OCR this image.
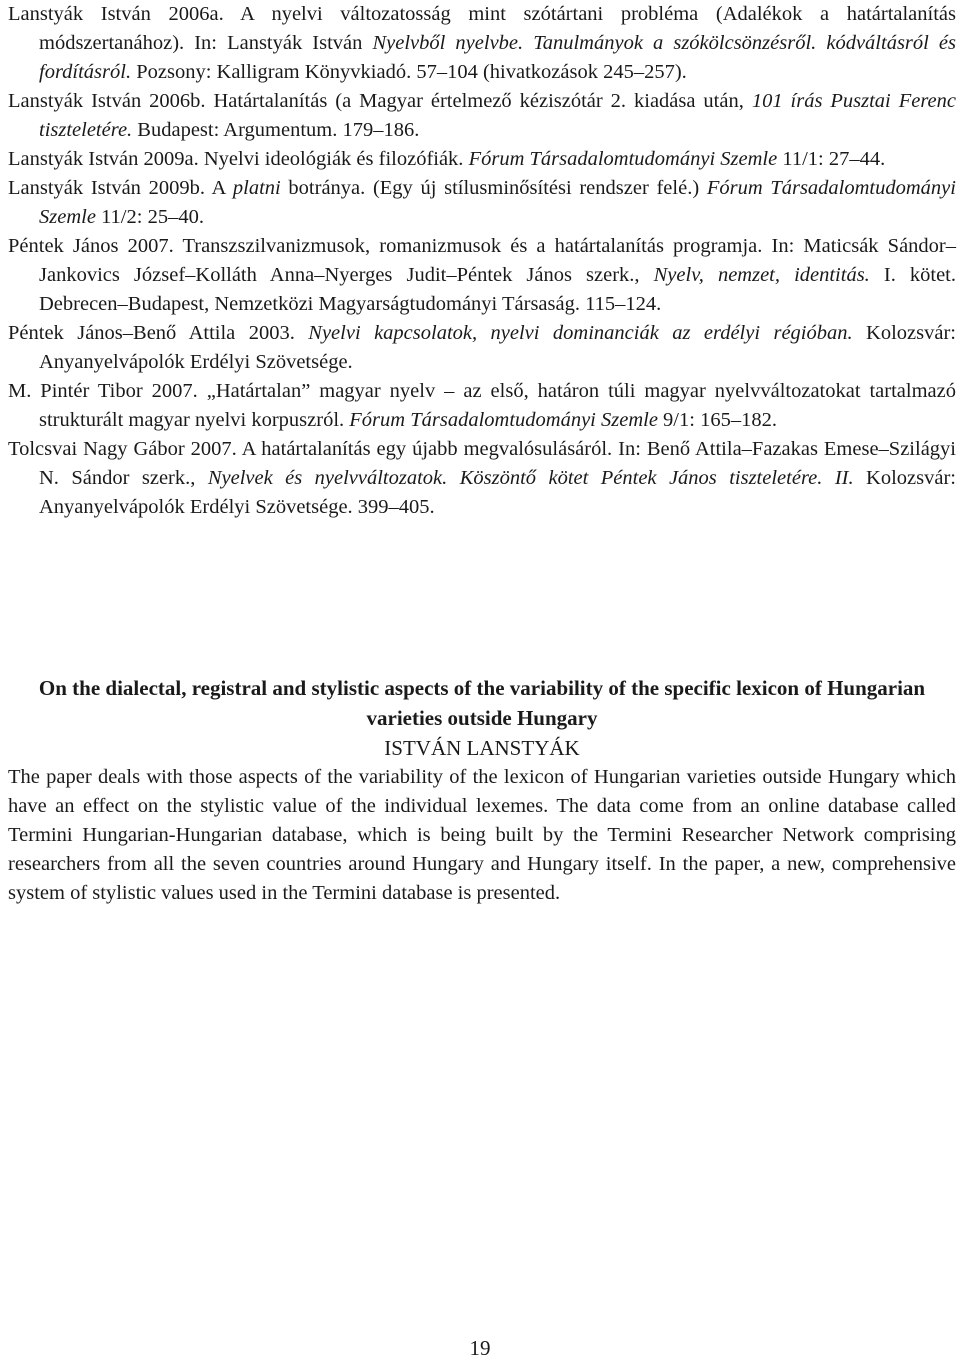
Lanstyák István 2006a. A nyelvi változatosság mint szótártani probléma (Adalékok a határtalanítás módszertanához). In: Lanstyák István Nyelvből nyelvbe. Tanulmányok a szókölcsönzésről. kódváltásról és fordításról. Pozsony: Kalligram Könyvkiadó. 57–104 (hivatkozások 245–257).

Lanstyák István 2006b. Határtalanítás (a Magyar értelmező kéziszótár 2. kiadása után, 101 írás Pusztai Ferenc tiszteletére. Budapest: Argumentum. 179–186.

Lanstyák István 2009a. Nyelvi ideológiák és filozófiák. Fórum Társadalomtudományi Szemle 11/1: 27–44.

Lanstyák István 2009b. A platni botránya. (Egy új stílusminősítési rendszer felé.) Fórum Társadalomtudományi Szemle 11/2: 25–40.

Péntek János 2007. Transzszilvanizmusok, romanizmusok és a határtalanítás programja. In: Maticsák Sándor–Jankovics József–Kolláth Anna–Nyerges Judit–Péntek János szerk., Nyelv, nemzet, identitás. I. kötet. Debrecen–Budapest, Nemzetközi Magyarságtudományi Társaság. 115–124.

Péntek János–Benő Attila 2003. Nyelvi kapcsolatok, nyelvi dominanciák az erdélyi régióban. Kolozsvár: Anyanyelvápolók Erdélyi Szövetsége.

M. Pintér Tibor 2007. „Határtalan” magyar nyelv – az első, határon túli magyar nyelvváltozatokat tartalmazó strukturált magyar nyelvi korpuszról. Fórum Társadalomtudományi Szemle 9/1: 165–182.

Tolcsvai Nagy Gábor 2007. A határtalanítás egy újabb megvalósulásáról. In: Benő Attila–Fazakas Emese–Szilágyi N. Sándor szerk., Nyelvek és nyelvváltozatok. Köszöntő kötet Péntek János tiszteletére. II. Kolozsvár: Anyanyelvápolók Erdélyi Szövetsége. 399–405.

On the dialectal, registral and stylistic aspects of the variability of the specific lexicon of Hungarian varieties outside Hungary

ISTVÁN LANSTYÁK

The paper deals with those aspects of the variability of the lexicon of Hungarian varieties outside Hungary which have an effect on the stylistic value of the individual lexemes. The data come from an online database called Termini Hungarian-Hungarian database, which is being built by the Termini Researcher Network comprising researchers from all the seven countries around Hungary and Hungary itself. In the paper, a new, comprehensive system of stylistic values used in the Termini database is presented.

19
